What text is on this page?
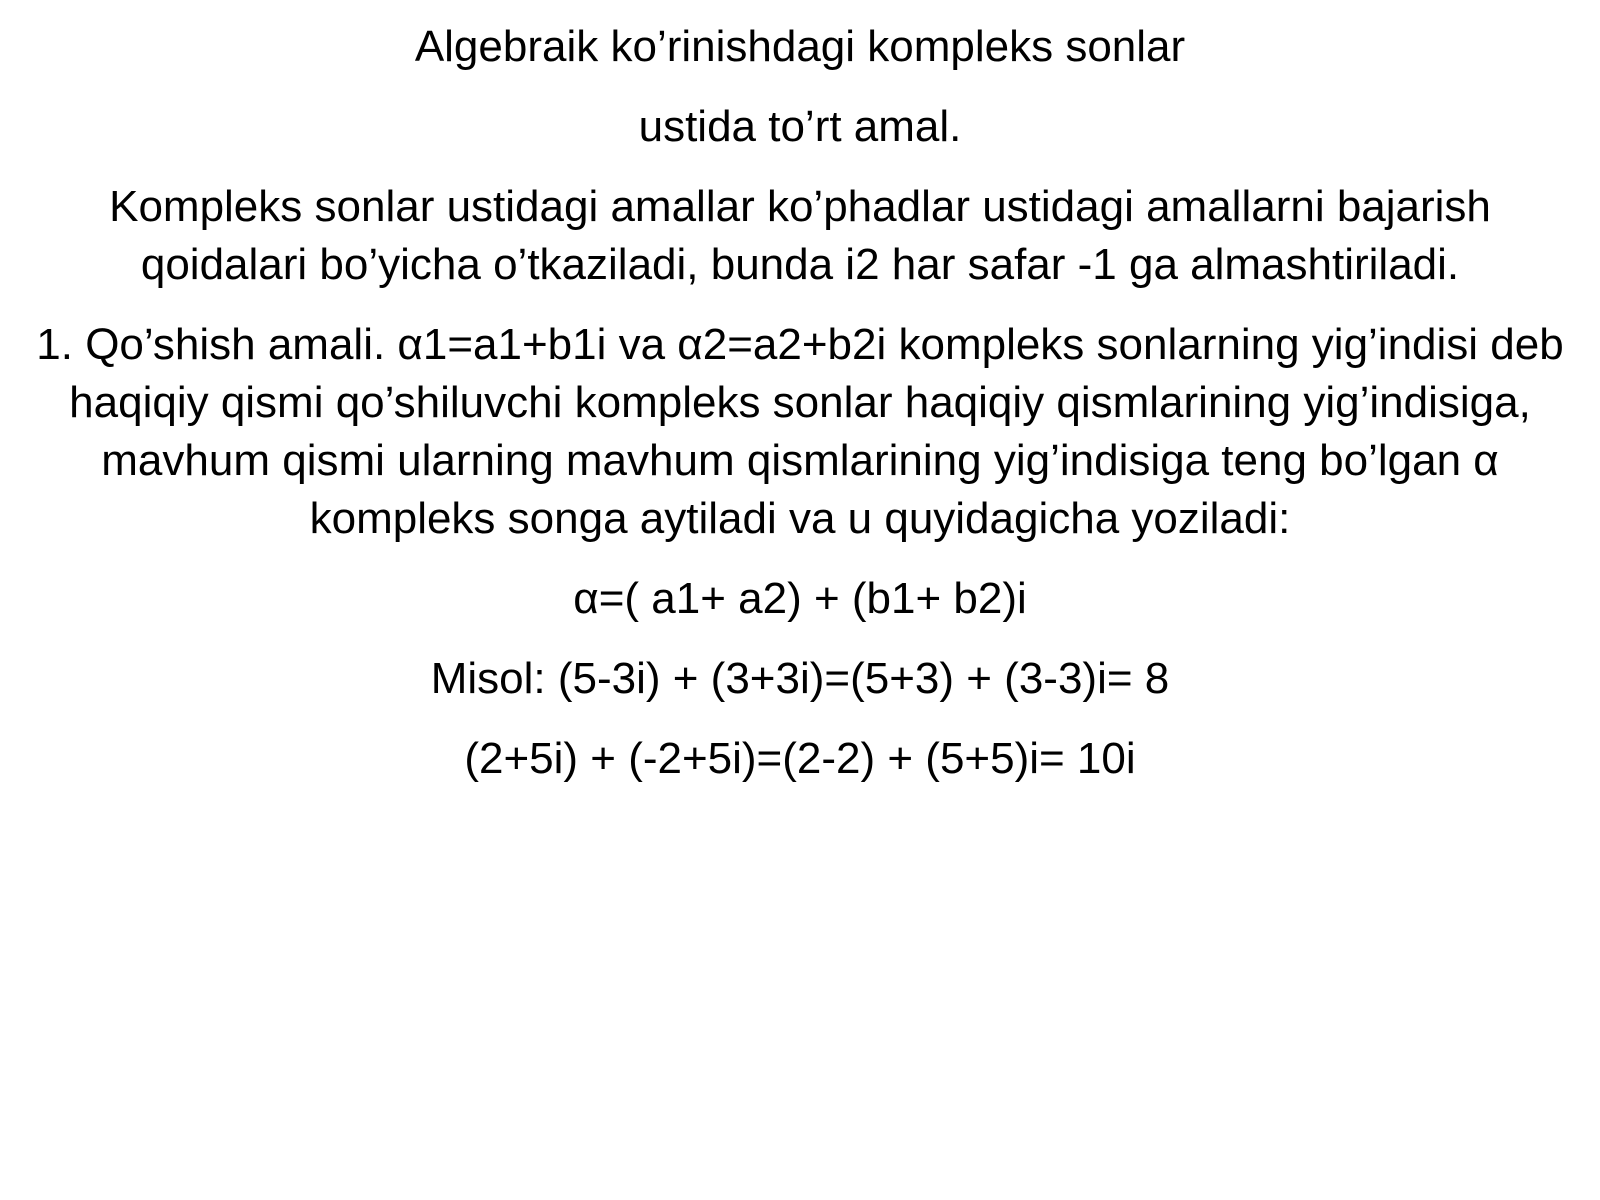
Algebraik ko’rinishdagi kompleks sonlar

ustida to’rt amal.

Kompleks sonlar ustidagi amallar ko’phadlar ustidagi amallarni bajarish qoidalari bo’yicha o’tkaziladi, bunda i2 har safar -1 ga almashtiriladi.

1. Qo’shish amali. α1=a1+b1i va α2=a2+b2i kompleks sonlarning yig’indisi deb haqiqiy qismi qo’shiluvchi kompleks sonlar haqiqiy qismlarining yig’indisiga, mavhum qismi ularning mavhum qismlarining yig’indisiga teng bo’lgan α kompleks songa aytiladi va u quyidagicha yoziladi:

α=( a1+ a2) + (b1+ b2)i

Misol: (5-3i) + (3+3i)=(5+3) + (3-3)i= 8

(2+5i) + (-2+5i)=(2-2) + (5+5)i= 10i
